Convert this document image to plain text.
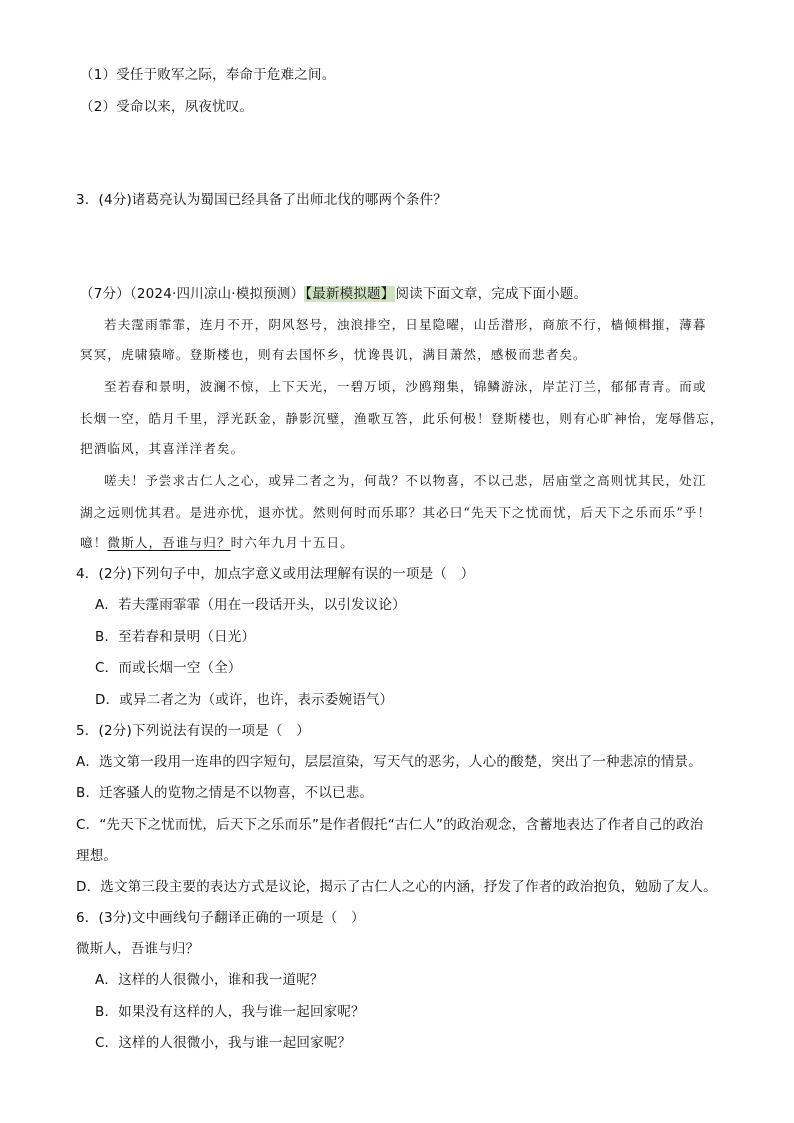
（1）受任于败军之际，奉命于危难之间。
（2）受命以来，夙夜忧叹。
3．(4分)诸葛亮认为蜀国已经具备了出师北伐的哪两个条件？
（7分）（2024·四川凉山·模拟预测）【最新模拟题】阅读下面文章，完成下面小题。
若夫霪雨霏霏，连月不开，阴风怒号，浊浪排空，日星隐曜，山岳潜形，商旅不行，樯倾楫摧，薄暮
冥冥，虎啸猿啼。登斯楼也，则有去国怀乡，忧谗畏讥，满目萧然，感极而悲者矣。
至若春和景明，波澜不惊，上下天光，一碧万顷，沙鸥翔集，锦鳞游泳，岸芷汀兰，郁郁青青。而或
长烟一空，皓月千里，浮光跃金，静影沉璧，渔歌互答，此乐何极！登斯楼也，则有心旷神怡，宠辱偕忘，
把酒临风，其喜洋洋者矣。
嗟夫！予尝求古仁人之心，或异二者之为，何哉？不以物喜，不以己悲，居庙堂之高则忧其民，处江
湖之远则忧其君。是进亦忧，退亦忧。然则何时而乐耶？其必曰“先天下之忧而忧，后天下之乐而乐”乎！
噫！微斯人，吾谁与归？时六年九月十五日。
4．(2分)下列句子中，加点字意义或用法理解有误的一项是（　）
A．若夫霪雨霏霏（用在一段话开头，以引发议论）
B．至若春和景明（日光）
C．而或长烟一空（全）
D．或异二者之为（或许，也许，表示委婉语气）
5．(2分)下列说法有误的一项是（　）
A．选文第一段用一连串的四字短句，层层渲染，写天气的恶劣，人心的酸楚，突出了一种悲凉的情景。
B．迁客骚人的览物之情是不以物喜，不以已悲。
C．“先天下之忧而忧，后天下之乐而乐”是作者假托“古仁人”的政治观念，含蓄地表达了作者自己的政治
理想。
D．选文第三段主要的表达方式是议论，揭示了古仁人之心的内涵，抒发了作者的政治抱负，勉励了友人。
6．(3分)文中画线句子翻译正确的一项是（　）
微斯人，吾谁与归？
A．这样的人很微小，谁和我一道呢？
B．如果没有这样的人，我与谁一起回家呢？
C．这样的人很微小，我与谁一起回家呢？
